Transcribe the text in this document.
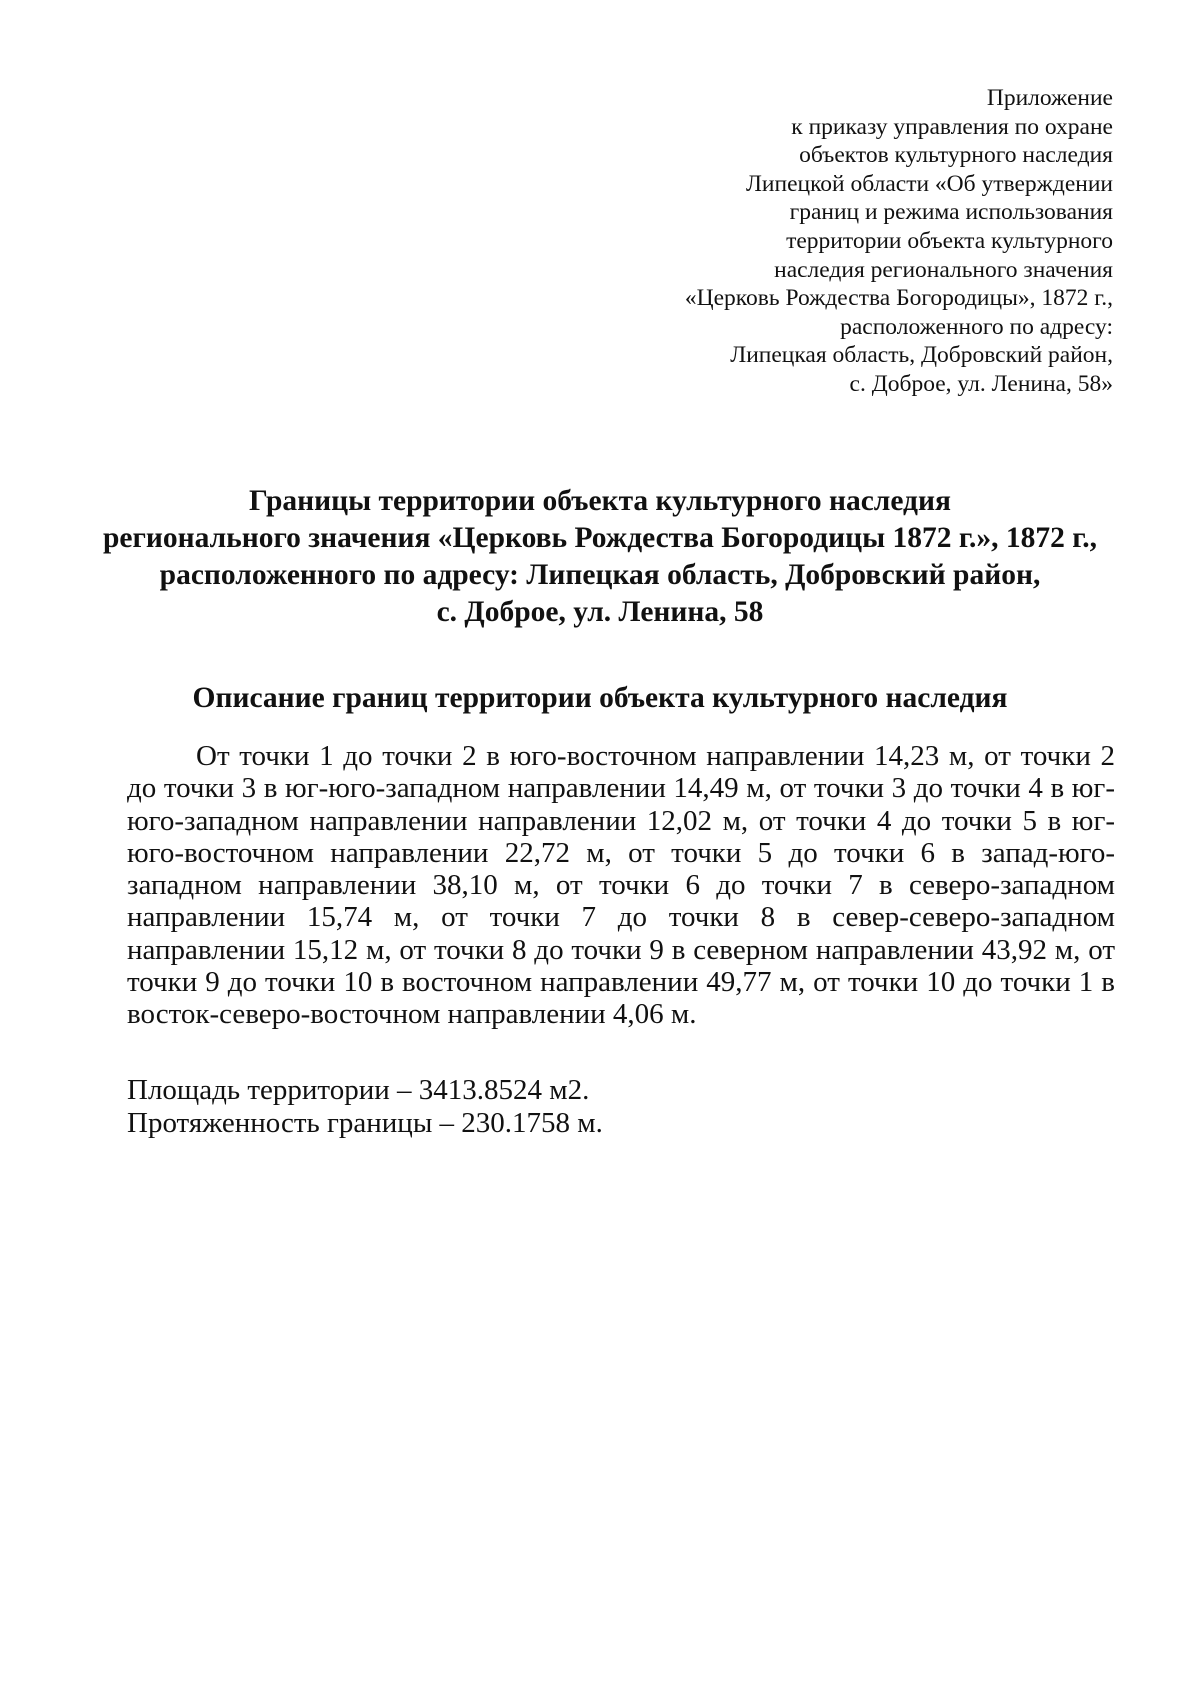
Приложение
к приказу управления по охране
объектов культурного наследия
Липецкой области «Об утверждении
границ и режима использования
территории объекта культурного
наследия регионального значения
«Церковь Рождества Богородицы», 1872 г.,
расположенного по адресу:
Липецкая область, Добровский район,
с. Доброе, ул. Ленина, 58»
Границы территории объекта культурного наследия
регионального значения «Церковь Рождества Богородицы 1872 г.», 1872 г.,
расположенного по адресу: Липецкая область, Добровский район,
с. Доброе, ул. Ленина, 58
Описание границ территории объекта культурного наследия

От точки 1 до точки 2 в юго-восточном направлении 14,23 м, от точки 2 до точки 3 в юг-юго-западном направлении 14,49 м, от точки 3 до точки 4 в юг-юго-западном направлении направлении 12,02 м, от точки 4 до точки 5 в юг-юго-восточном направлении 22,72 м, от точки 5 до точки 6 в запад-юго-западном направлении 38,10 м, от точки 6 до точки 7 в северо-западном направлении 15,74 м, от точки 7 до точки 8 в север-северо-западном направлении 15,12 м, от точки 8 до точки 9 в северном направлении 43,92 м, от точки 9 до точки 10 в восточном направлении 49,77 м, от точки 10 до точки 1 в восток-северо-восточном направлении 4,06 м.

Площадь территории – 3413.8524 м2.
Протяженность границы – 230.1758 м.
